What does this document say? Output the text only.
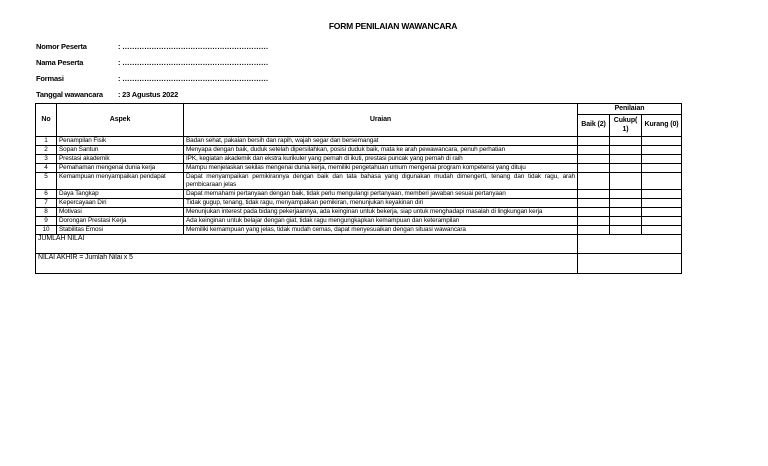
FORM PENILAIAN WAWANCARA
Nomor Peserta	: ……………………………………………………
Nama Peserta	: ……………………………………………………
Formasi	: ……………………………………………………
Tanggal wawancara : 23 Agustus 2022
No	Aspek	Uraian	Penilaian		
			Baik (2)	Cukup( 1)	Kurang (0)
1	Penampilan Fisik	Badan sehat, pakaian bersih dan rapih, wajah segar dan bersemangat			
2	Sopan Santun	Menyapa dengan baik, duduk setelah dipersilahkan, posisi duduk baik, mata ke arah pewawancara, penuh perhatian			
3	Prestasi akademik	IPK, kegiatan akademik dan ekstra kurikuler yang pernah di ikuti, prestasi puncak yang pernah di raih			
4	Pemahaman mengenai dunia kerja	Mampu menjelaskan sekilas mengenai dunia kerja, memiliki pengetahuan umum mengenai program kompetensi yang dituju			
5	Kemampuan menyampaikan pendapat	Dapat menyampaikan pemikirannya dengan baik dan tata bahasa yang digunakan mudah dimengerti, tenang dan tidak ragu, arah pembicaraan jelas			
6	Daya Tangkap	Dapat memahami pertanyaan dengan baik, tidak perlu mengulangi pertanyaan, memberi jawaban sesuai pertanyaan			
7	Kepercayaan Diri	Tidak gugup, tenang, tidak ragu, menyampaikan pemikiran, menunjukan keyakinan diri			
8	Motivasi	Menunjukan interest pada bidang pekerjaannya, ada keinginan untuk bekerja, siap untuk menghadapi masalah di lingkungan kerja			
9	Dorongan Prestasi Kerja	Ada keinginan untuk belajar dengan giat, tidak ragu mengungkapkan kemampuan dan keterampilan			
10	Stabilitas Emosi	Memiliki kemampuan yang jelas, tidak mudah cemas, dapat menyesuaikan dengan situasi wawancara			
JUMLAH NILAI					
NILAI AKHIR = Jumlah Nilai x 5					
